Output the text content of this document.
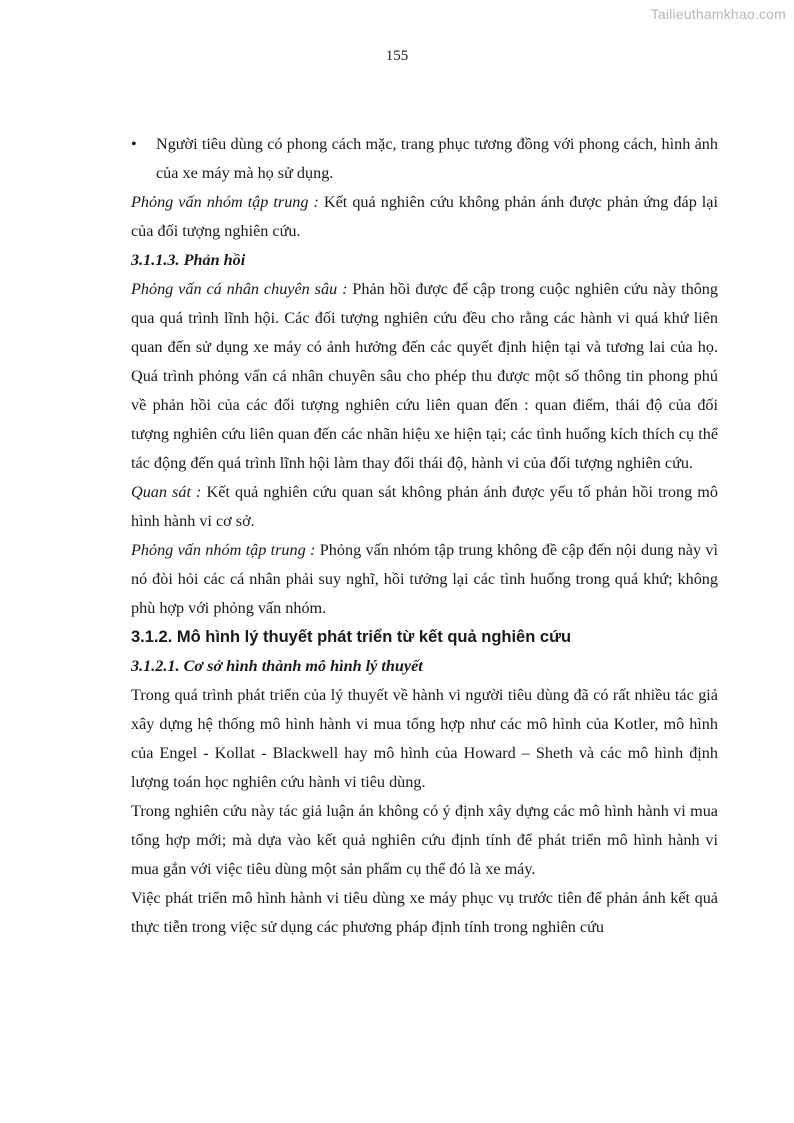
Tailieuthamkhao.com
155

• Người tiêu dùng có phong cách mặc, trang phục tương đồng với phong cách, hình ảnh của xe máy mà họ sử dụng.

Phỏng vấn nhóm tập trung : Kết quả nghiên cứu không phản ánh được phản ứng đáp lại của đối tượng nghiên cứu.

3.1.1.3. Phản hồi

Phỏng vấn cá nhân chuyên sâu : Phản hồi được để cập trong cuộc nghiên cứu này thông qua quá trình lĩnh hội. Các đối tượng nghiên cứu đều cho rằng các hành vi quá khứ liên quan đến sử dụng xe máy có ảnh hưởng đến các quyết định hiện tại và tương lai của họ. Quá trình phỏng vấn cá nhân chuyên sâu cho phép thu được một số thông tin phong phú về phản hồi của các đối tượng nghiên cứu liên quan đến : quan điểm, thái độ của đối tượng nghiên cứu liên quan đến các nhãn hiệu xe hiện tại; các tình huống kích thích cụ thể tác động đến quá trình lĩnh hội làm thay đổi thái độ, hành vi của đối tượng nghiên cứu.

Quan sát : Kết quả nghiên cứu quan sát không phản ánh được yếu tố phản hồi trong mô hình hành vi cơ sở.

Phỏng vấn nhóm tập trung : Phỏng vấn nhóm tập trung không đề cập đến nội dung này vì nó đòi hỏi các cá nhân phải suy nghĩ, hồi tưởng lại các tình huống trong quá khứ; không phù hợp với phỏng vấn nhóm.

3.1.2. Mô hình lý thuyết phát triển từ kết quả nghiên cứu

3.1.2.1. Cơ sở hình thành mô hình lý thuyết

Trong quá trình phát triển của lý thuyết về hành vi người tiêu dùng đã có rất nhiều tác giả xây dựng hệ thống mô hình hành vi mua tổng hợp như các mô hình của Kotler, mô hình của Engel - Kollat - Blackwell hay mô hình của Howard – Sheth và các mô hình định lượng toán học nghiên cứu hành vi tiêu dùng.

Trong nghiên cứu này tác giả luận án không có ý định xây dựng các mô hình hành vi mua tổng hợp mới; mà dựa vào kết quả nghiên cứu định tính để phát triển mô hình hành vi mua gắn với việc tiêu dùng một sản phẩm cụ thể đó là xe máy.

Việc phát triển mô hình hành vi tiêu dùng xe máy phục vụ trước tiên để phản ánh kết quả thực tiễn trong việc sử dụng các phương pháp định tính trong nghiên cứu
